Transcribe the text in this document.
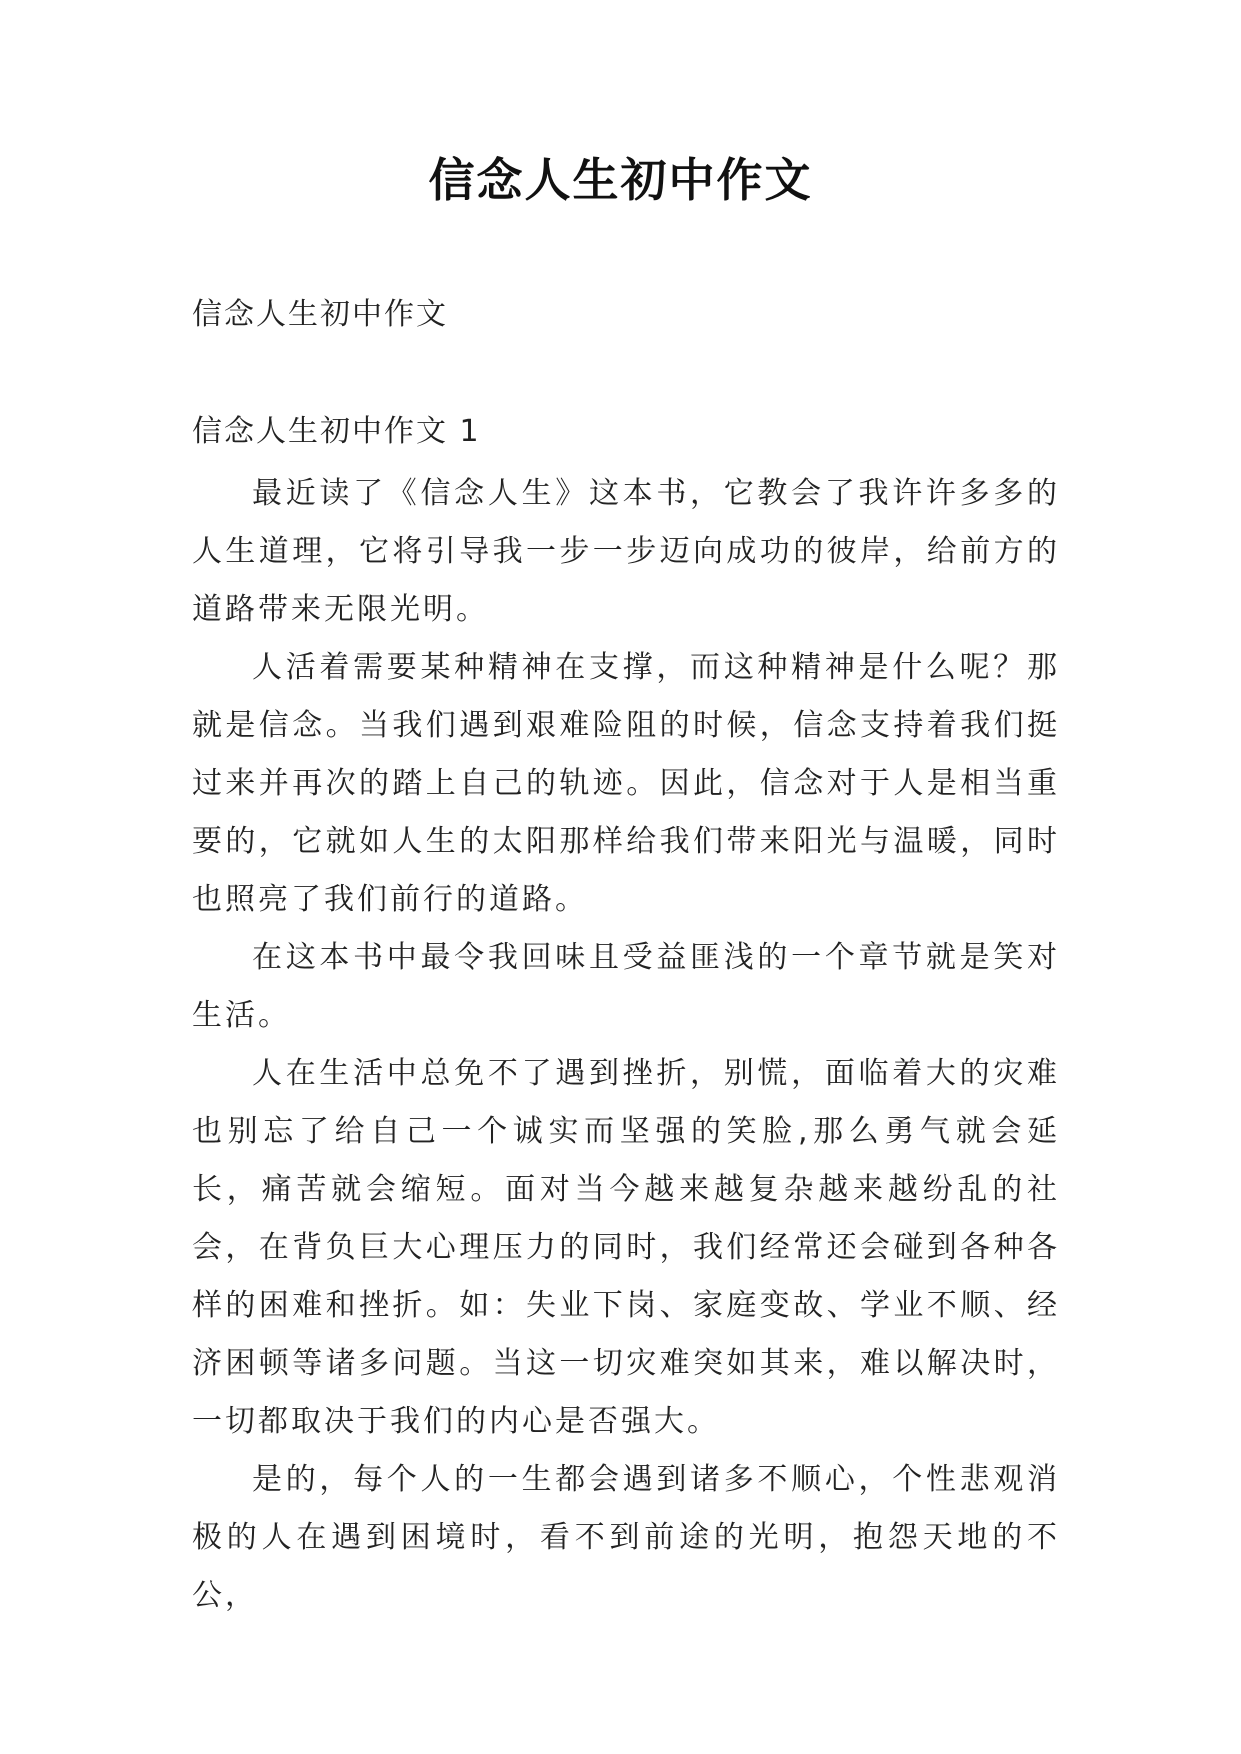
信念人生初中作文

信念人生初中作文

信念人生初中作文 1

最近读了《信念人生》这本书，它教会了我许许多多的人生道理，它将引导我一步一步迈向成功的彼岸，给前方的道路带来无限光明。

人活着需要某种精神在支撑，而这种精神是什么呢？那就是信念。当我们遇到艰难险阻的时候，信念支持着我们挺过来并再次的踏上自己的轨迹。因此，信念对于人是相当重要的，它就如人生的太阳那样给我们带来阳光与温暖，同时也照亮了我们前行的道路。

在这本书中最令我回味且受益匪浅的一个章节就是笑对生活。

人在生活中总免不了遇到挫折，别慌，面临着大的灾难也别忘了给自己一个诚实而坚强的笑脸,那么勇气就会延长，痛苦就会缩短。面对当今越来越复杂越来越纷乱的社会，在背负巨大心理压力的同时，我们经常还会碰到各种各样的困难和挫折。如：失业下岗、家庭变故、学业不顺、经济困顿等诸多问题。当这一切灾难突如其来，难以解决时，一切都取决于我们的内心是否强大。

是的，每个人的一生都会遇到诸多不顺心，个性悲观消极的人在遇到困境时，看不到前途的光明，抱怨天地的不公，
